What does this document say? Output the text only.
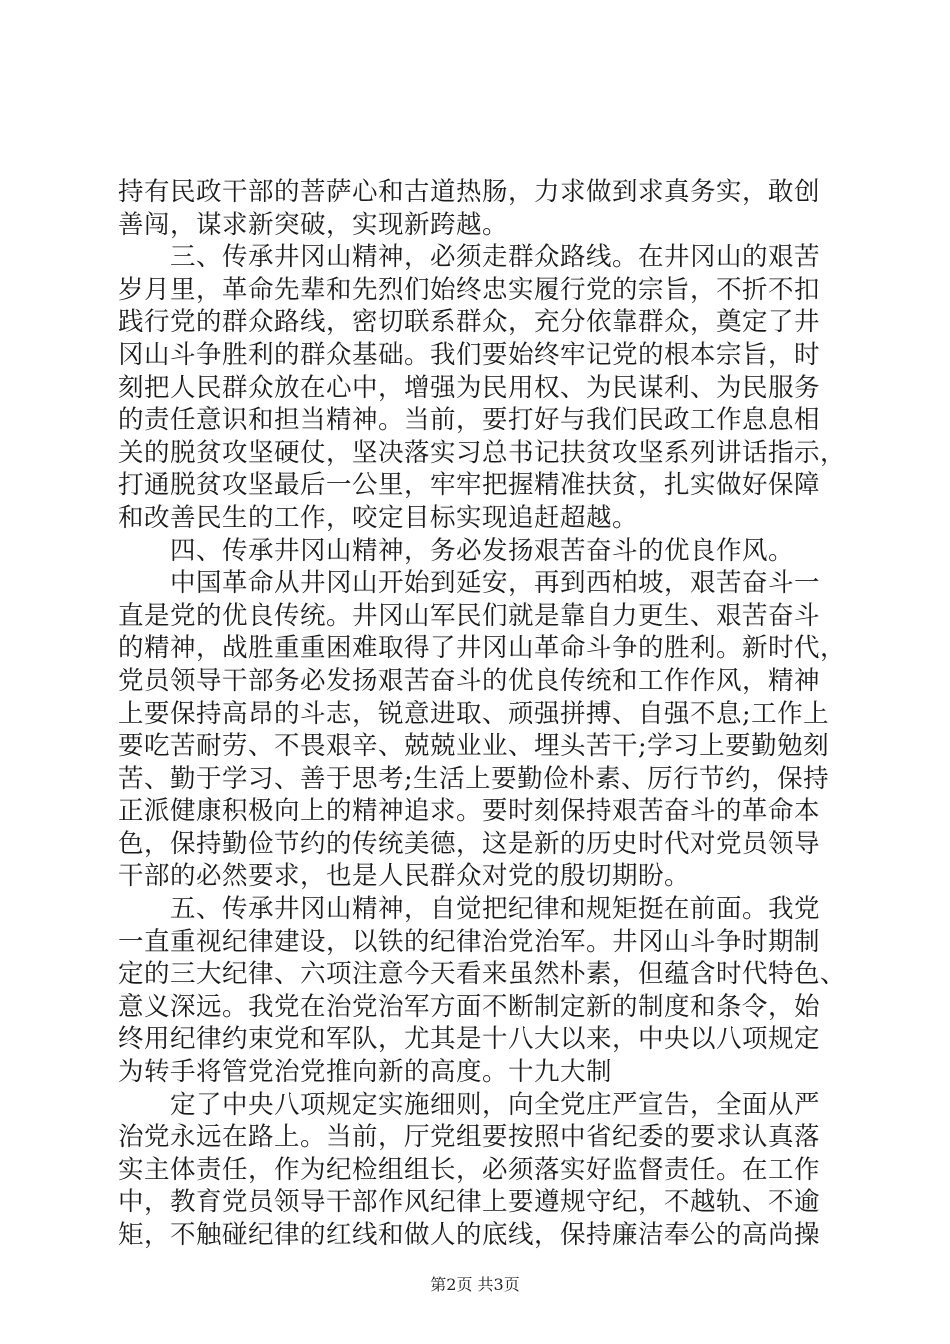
持有民政干部的菩萨心和古道热肠，力求做到求真务实，敢创
善闯，谋求新突破，实现新跨越。
　　三、传承井冈山精神，必须走群众路线。在井冈山的艰苦
岁月里，革命先辈和先烈们始终忠实履行党的宗旨，不折不扣
践行党的群众路线，密切联系群众，充分依靠群众，奠定了井
冈山斗争胜利的群众基础。我们要始终牢记党的根本宗旨，时
刻把人民群众放在心中，增强为民用权、为民谋利、为民服务
的责任意识和担当精神。当前，要打好与我们民政工作息息相
关的脱贫攻坚硬仗，坚决落实习总书记扶贫攻坚系列讲话指示，
打通脱贫攻坚最后一公里，牢牢把握精准扶贫，扎实做好保障
和改善民生的工作，咬定目标实现追赶超越。
　　四、传承井冈山精神，务必发扬艰苦奋斗的优良作风。
　　中国革命从井冈山开始到延安，再到西柏坡，艰苦奋斗一
直是党的优良传统。井冈山军民们就是靠自力更生、艰苦奋斗
的精神，战胜重重困难取得了井冈山革命斗争的胜利。新时代，
党员领导干部务必发扬艰苦奋斗的优良传统和工作作风，精神
上要保持高昂的斗志，锐意进取、顽强拼搏、自强不息;工作上
要吃苦耐劳、不畏艰辛、兢兢业业、埋头苦干;学习上要勤勉刻
苦、勤于学习、善于思考;生活上要勤俭朴素、厉行节约，保持
正派健康积极向上的精神追求。要时刻保持艰苦奋斗的革命本
色，保持勤俭节约的传统美德，这是新的历史时代对党员领导
干部的必然要求，也是人民群众对党的殷切期盼。
　　五、传承井冈山精神，自觉把纪律和规矩挺在前面。我党
一直重视纪律建设，以铁的纪律治党治军。井冈山斗争时期制
定的三大纪律、六项注意今天看来虽然朴素，但蕴含时代特色、
意义深远。我党在治党治军方面不断制定新的制度和条令，始
终用纪律约束党和军队，尤其是十八大以来，中央以八项规定
为转手将管党治党推向新的高度。十九大制
　　定了中央八项规定实施细则，向全党庄严宣告，全面从严
治党永远在路上。当前，厅党组要按照中省纪委的要求认真落
实主体责任，作为纪检组组长，必须落实好监督责任。在工作
中，教育党员领导干部作风纪律上要遵规守纪，不越轨、不逾
矩，不触碰纪律的红线和做人的底线，保持廉洁奉公的高尚操
第2页 共3页
